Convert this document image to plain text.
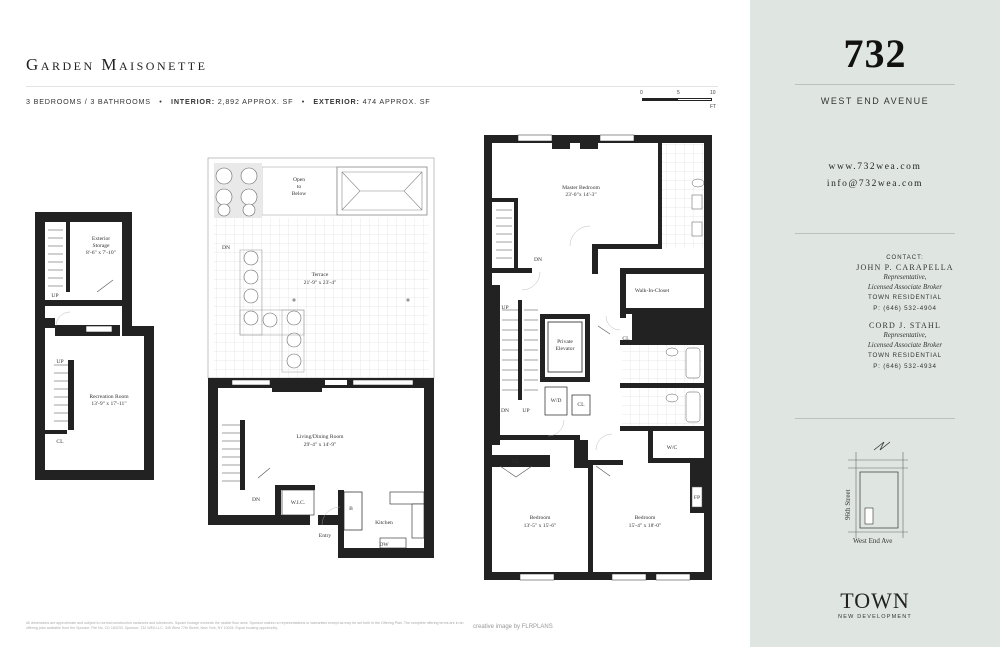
Garden Maisonette
3 BEDROOMS / 3 BATHROOMS   •   INTERIOR: 2,892 APPROX. SF   •   EXTERIOR: 474 APPROX. SF
0	5	10
FT
Exterior
Storage
8'-6" x 7'-10"
UP
UP
Recreation Room
13'-9" x 17'-11"
CL
Open
to
Below
DN
Terrace
21'-9" x 23'-4"
Living/Dining Room
29'-4" x 14'-9"
DN	W.I.C.
B
Kitchen
Entry
DW
Master Bedroom
23'-0"x 14'-3"
DN
Walk-In-Closet
UP
Private
Elevator
CL
W/D
CL
DN UP
CL
W/C
FP
Bedroom
13'-5" x 15'-6"
Bedroom
15'-4" x 18'-0"
All dimensions are approximate and subject to normal construction variances and tolerances. Square footage exceeds the usable floor area. Sponsor makes no representations or warranties except as may be set forth in the Offering Plan. The complete offering terms are in an offering plan available from the Sponsor. File No. CD 160233. Sponsor: 732 WEA LLC, 345 West 77th Street, New York, NY 10024. Equal housing opportunity.	creative image by FLRPLANS
732
WEST END AVENUE
www.732wea.com
info@732wea.com
CONTACT:
JOHN P. CARAPELLA
Representative,
Licensed Associate Broker
TOWN RESIDENTIAL
P: (646) 532-4904
CORD J. STAHL
Representative,
Licensed Associate Broker
TOWN RESIDENTIAL
P: (646) 532-4934
96th Street
West End Ave
TOWN
NEW DEVELOPMENT
